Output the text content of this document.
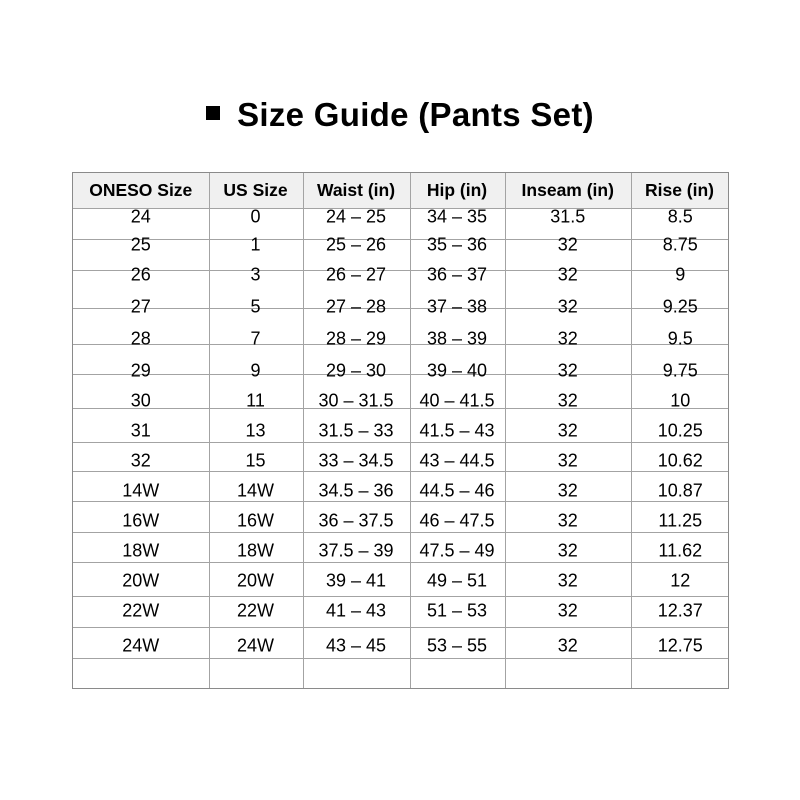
Size Guide (Pants Set)
ONESO Size	US Size	Waist (in)	Hip (in)	Inseam (in)	Rise (in)
24	0	24 – 25	34 – 35	31.5	8.5
25	1	25 – 26	35 – 36	32	8.75
26	3	26 – 27	36 – 37	32	9
27	5	27 – 28	37 – 38	32	9.25
28	7	28 – 29	38 – 39	32	9.5
29	9	29 – 30	39 – 40	32	9.75
30	11	30 – 31.5	40 – 41.5	32	10
31	13	31.5 – 33	41.5 – 43	32	10.25
32	15	33 – 34.5	43 – 44.5	32	10.62
14W	14W	34.5 – 36	44.5 – 46	32	10.87
16W	16W	36 – 37.5	46 – 47.5	32	11.25
18W	18W	37.5 – 39	47.5 – 49	32	11.62
20W	20W	39 – 41	49 – 51	32	12
22W	22W	41 – 43	51 – 53	32	12.37
24W	24W	43 – 45	53 – 55	32	12.75
